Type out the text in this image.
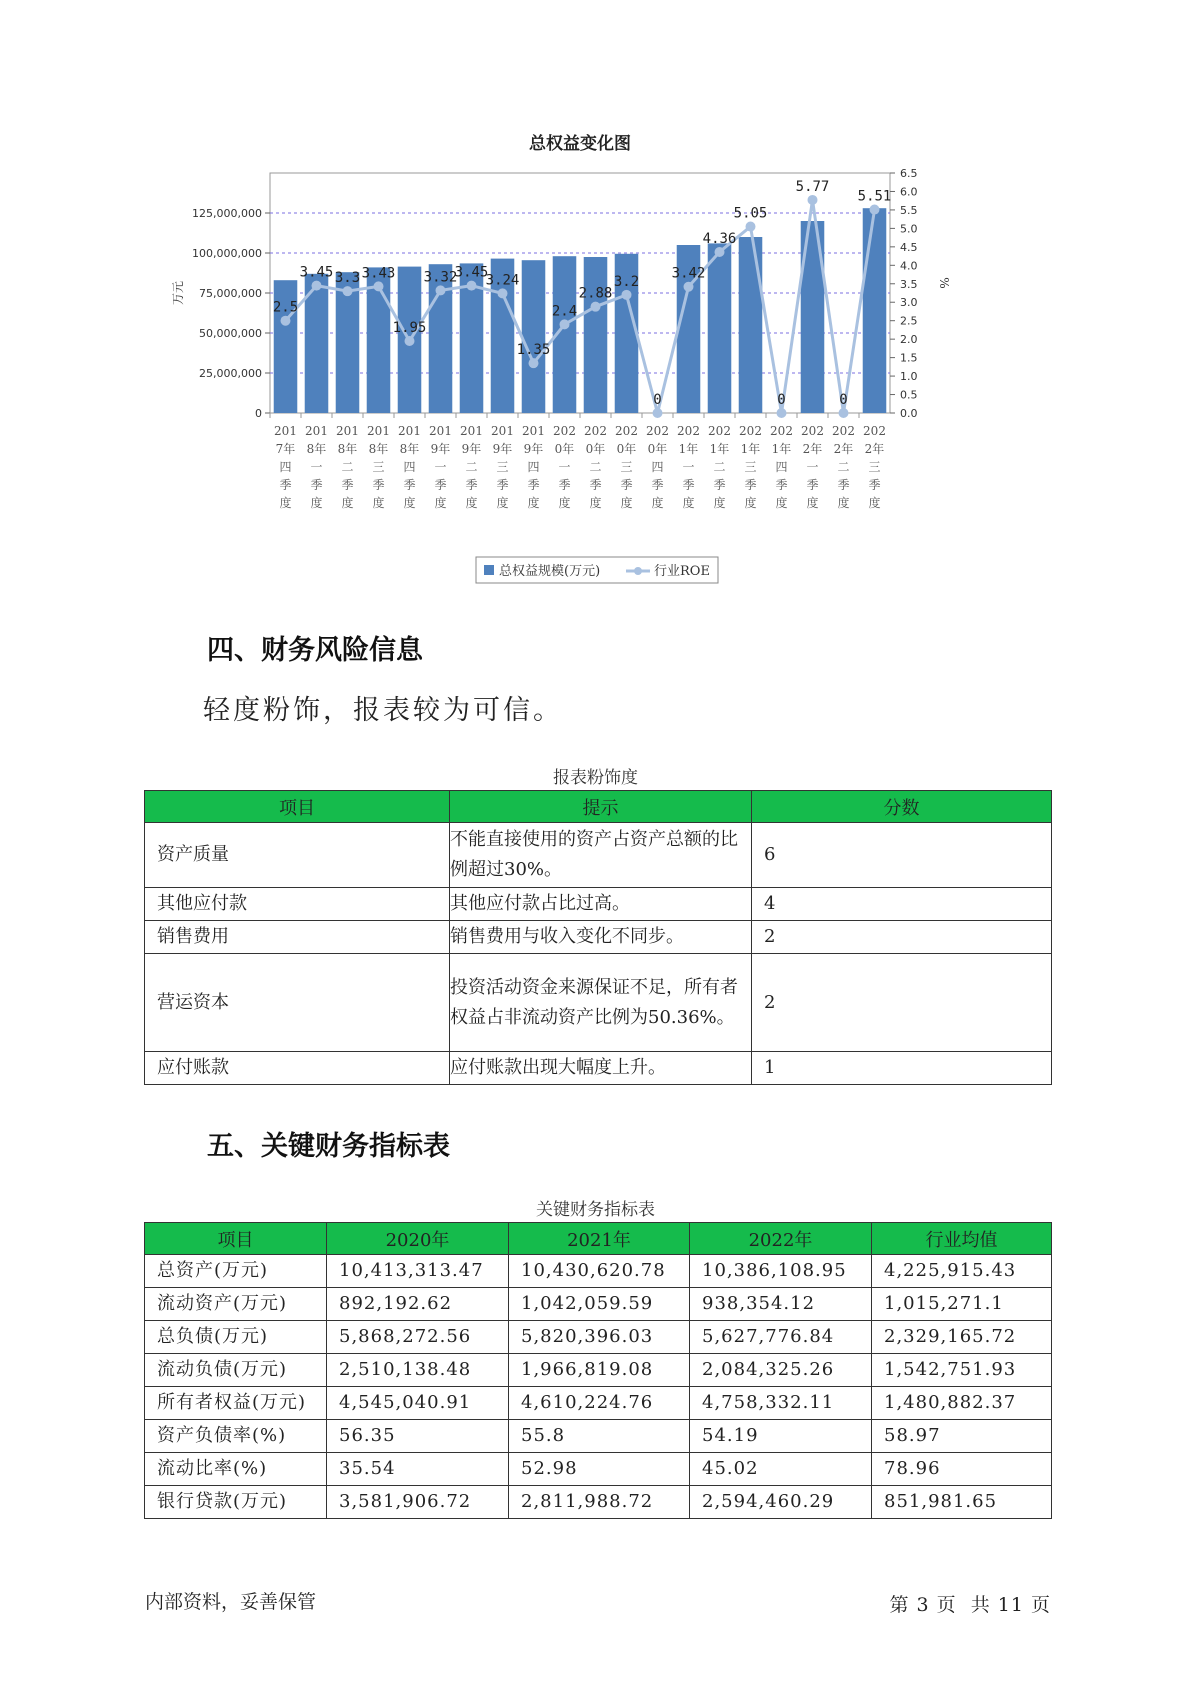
总权益变化图
0
25,000,000
50,000,000
75,000,000
100,000,000
125,000,000
0.0
0.5
1.0
1.5
2.0
2.5
3.0
3.5
4.0
4.5
5.0
5.5
6.0
6.5
万元	%
201
7年
四
季
度
201
8年
一
季
度
201
8年
二
季
度
201
8年
三
季
度
201
8年
四
季
度
201
9年
一
季
度
201
9年
二
季
度
201
9年
三
季
度
201
9年
四
季
度
202
0年
一
季
度
202
0年
二
季
度
202
0年
三
季
度
202
0年
四
季
度
202
1年
一
季
度
202
1年
二
季
度
202
1年
三
季
度
202
1年
四
季
度
202
2年
一
季
度
202
2年
二
季
度
202
2年
三
季
度
2.5
3.45 3.3 3.43
1.95
3.32
3.45
3.24
1.35
2.4
2.88
3.2
0
3.42
4.36
5.05
0
5.77
0
5.51
总权益规模(万元)	行业ROE
四、财务风险信息
轻度粉饰，报表较为可信。
报表粉饰度
项目	提示	分数
资产质量	不能直接使用的资产占资产总额的比例超过30%。	6
其他应付款	其他应付款占比过高。	4
销售费用	销售费用与收入变化不同步。	2
营运资本	投资活动资金来源保证不足，所有者权益占非流动资产比例为50.36%。	2
应付账款	应付账款出现大幅度上升。	1
五、关键财务指标表
关键财务指标表
项目	2020年	2021年	2022年	行业均值
总资产(万元)	10,413,313.47	10,430,620.78	10,386,108.95	4,225,915.43
流动资产(万元)	892,192.62	1,042,059.59	938,354.12	1,015,271.1
总负债(万元)	5,868,272.56	5,820,396.03	5,627,776.84	2,329,165.72
流动负债(万元)	2,510,138.48	1,966,819.08	2,084,325.26	1,542,751.93
所有者权益(万元)	4,545,040.91	4,610,224.76	4,758,332.11	1,480,882.37
资产负债率(%)	56.35	55.8	54.19	58.97
流动比率(%)	35.54	52.98	45.02	78.96
银行贷款(万元)	3,581,906.72	2,811,988.72	2,594,460.29	851,981.65
内部资料，妥善保管	第 3 页  共 11 页
